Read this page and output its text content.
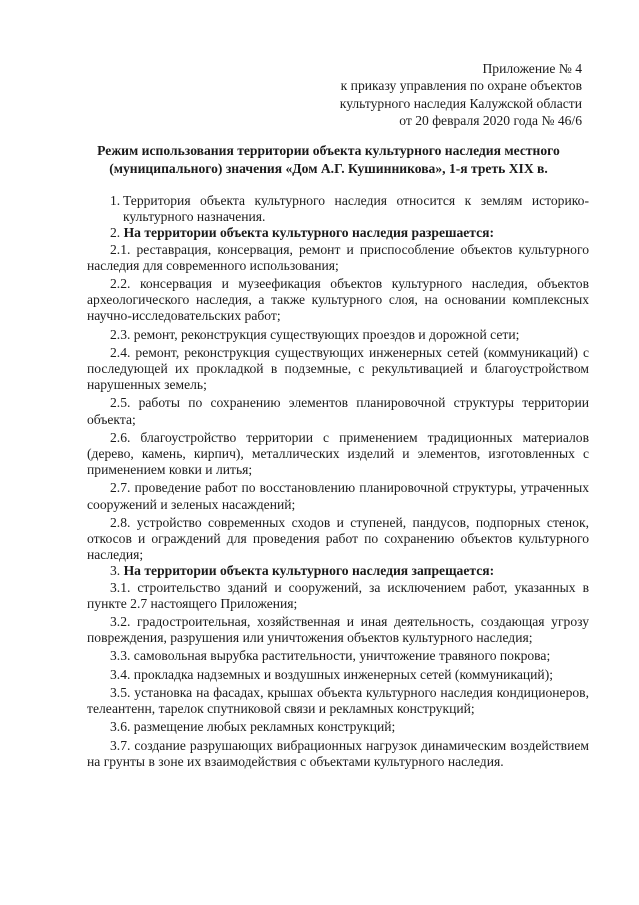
Приложение № 4
к приказу управления по охране объектов
культурного наследия Калужской области
от 20 февраля 2020 года № 46/6
Режим использования территории объекта культурного наследия местного
(муниципального) значения «Дом А.Г. Кушинникова», 1-я треть XIX в.
1. Территория объекта культурного наследия относится к землям историко-культурного назначения.

2. На территории объекта культурного наследия разрешается:

2.1. реставрация, консервация, ремонт и приспособление объектов культурного наследия для современного использования;

2.2. консервация и музеефикация объектов культурного наследия, объектов археологического наследия, а также культурного слоя, на основании комплексных научно-исследовательских работ;

2.3. ремонт, реконструкция существующих проездов и дорожной сети;

2.4. ремонт, реконструкция существующих инженерных сетей (коммуникаций) с последующей их прокладкой в подземные, с рекультивацией и благоустройством нарушенных земель;

2.5. работы по сохранению элементов планировочной структуры территории объекта;

2.6. благоустройство территории с применением традиционных материалов (дерево, камень, кирпич), металлических изделий и элементов, изготовленных с применением ковки и литья;

2.7. проведение работ по восстановлению планировочной структуры, утраченных сооружений и зеленых насаждений;

2.8. устройство современных сходов и ступеней, пандусов, подпорных стенок, откосов и ограждений для проведения работ по сохранению объектов культурного наследия;

3. На территории объекта культурного наследия запрещается:

3.1. строительство зданий и сооружений, за исключением работ, указанных в пункте 2.7 настоящего Приложения;

3.2. градостроительная, хозяйственная и иная деятельность, создающая угрозу повреждения, разрушения или уничтожения объектов культурного наследия;

3.3. самовольная вырубка растительности, уничтожение травяного покрова;

3.4. прокладка надземных и воздушных инженерных сетей (коммуникаций);

3.5. установка на фасадах, крышах объекта культурного наследия кондиционеров, телеантенн, тарелок спутниковой связи и рекламных конструкций;

3.6. размещение любых рекламных конструкций;

3.7. создание разрушающих вибрационных нагрузок динамическим воздействием на грунты в зоне их взаимодействия с объектами культурного наследия.
